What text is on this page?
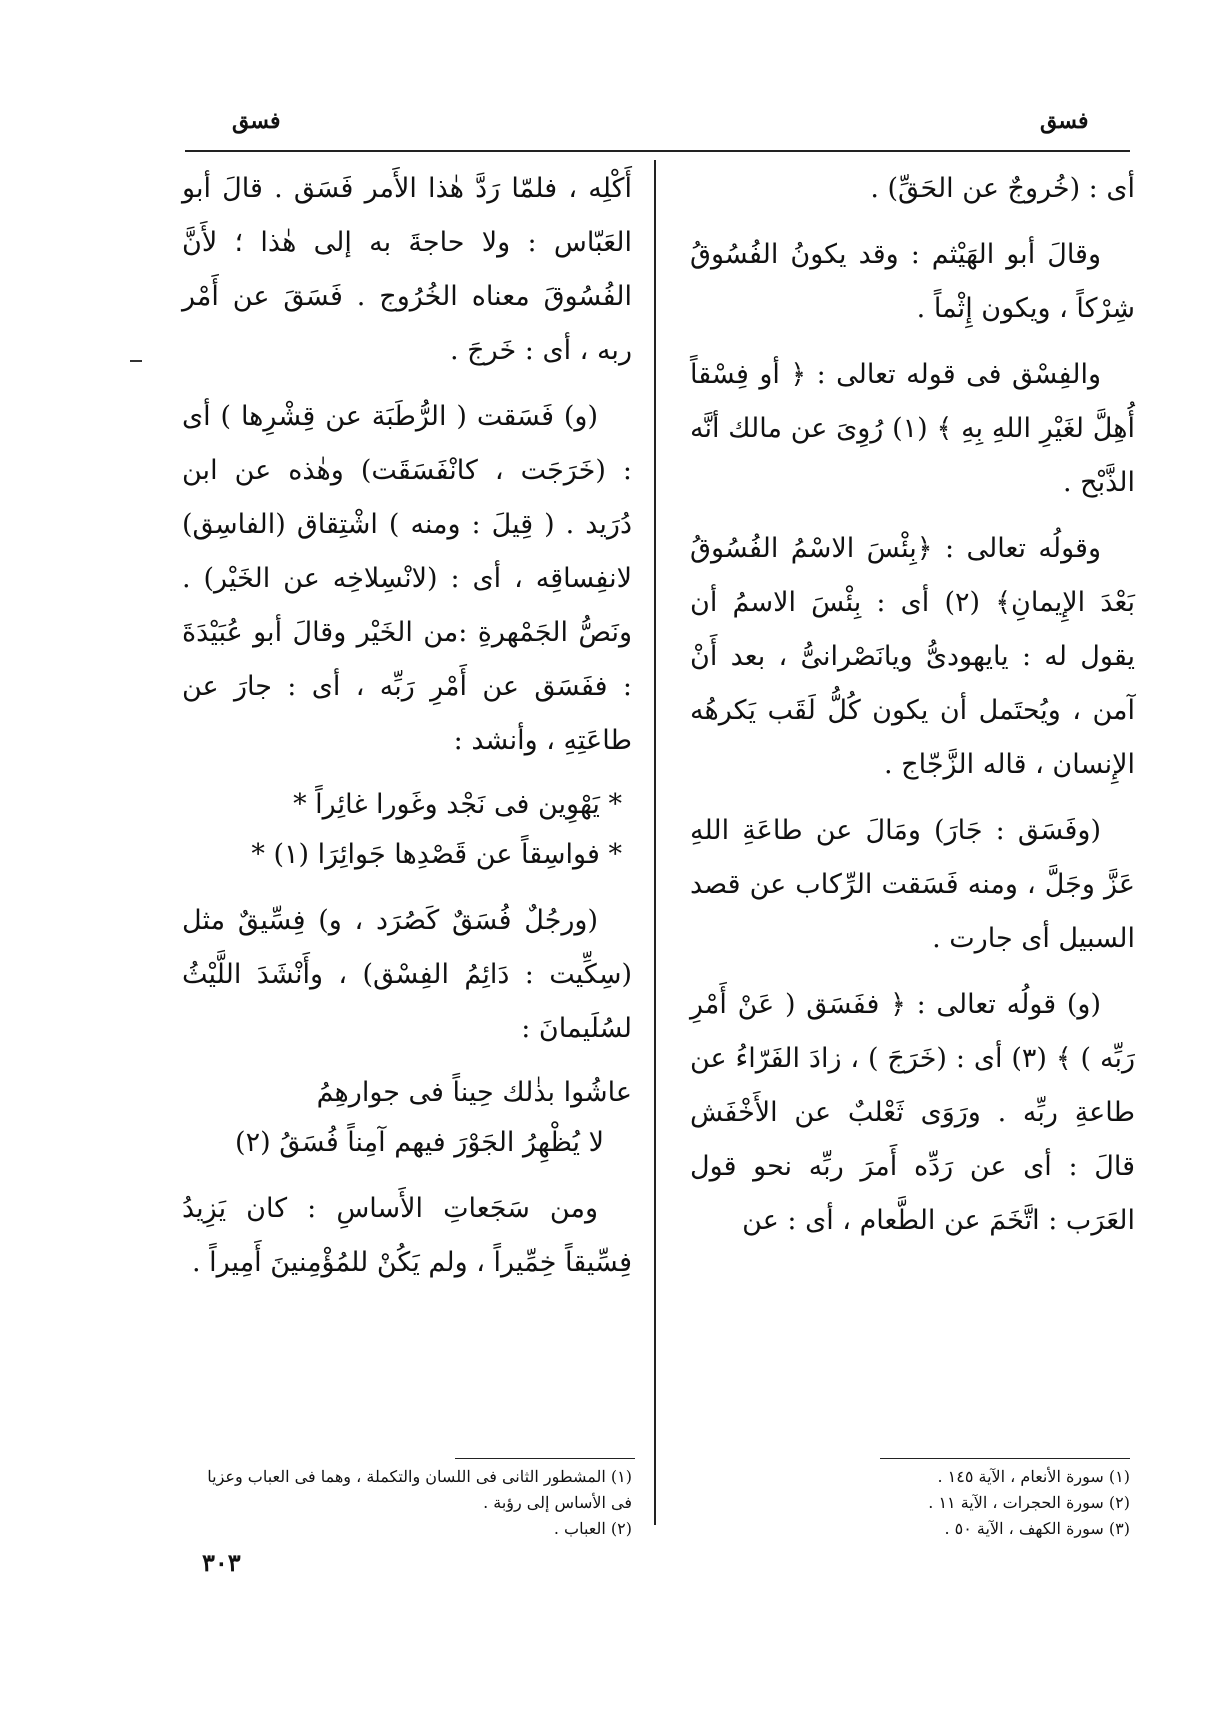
فسق	فسق

أى : (خُروجٌ عن الحَقِّ) .

وقالَ أبو الهَيْثم : وقد يكونُ الفُسُوقُ شِرْكاً ، ويكون إِثْماً .

والفِسْق فى قوله تعالى : ﴿ أو فِسْقاً أُهِلَّ لغَيْرِ اللهِ بِهِ ﴾ (١) رُوِىَ عن مالك أنَّه الذَّبْح .

وقولُه تعالى : ﴿بِئْسَ الاسْمُ الفُسُوقُ بَعْدَ الإِيمانِ﴾ (٢) أى : بِئْسَ الاسمُ أن يقول له : يايهودىُّ ويانَصْرانىُّ ، بعد أَنْ آمن ، ويُحتَمل أن يكون كُلُّ لَقَب يَكرهُه الإِنسان ، قاله الزَّجّاج .

(وفَسَق : جَارَ) ومَالَ عن طاعَةِ اللهِ عَزَّ وجَلَّ ، ومنه فَسَقت الرِّكاب عن قصد السبيل أى جارت .

(و) قولُه تعالى : ﴿ ففَسَق ( عَنْ أَمْرِ رَبِّه ) ﴾ (٣) أى : (خَرَجَ ) ، زادَ الفَرّاءُ عن طاعةِ ربِّه . ورَوَى ثَعْلبٌ عن الأَخْفَش قالَ : أى عن رَدِّه أَمرَ ربِّه نحو قول العَرَب : اتَّخَمَ عن الطَّعام ، أى : عن

أَكْلِه ، فلمّا رَدَّ هٰذا الأَمر فَسَق . قالَ أبو العَبّاس : ولا حاجةَ به إلى هٰذا ؛ لأَنَّ الفُسُوقَ معناه الخُرُوج . فَسَقَ عن أَمْر ربه ، أى : خَرجَ .

(و) فَسَقت ( الرُّطَبَة عن قِشْرِها ) أى : (خَرَجَت ، كانْفَسَقَت) وهٰذه عن ابن دُرَيد . ( قِيلَ : ومنه ) اشْتِقاق (الفاسِق) لانفِساقِه ، أى : (لانْسِلاخِه عن الخَيْر) . ونَصُّ الجَمْهرةِ :من الخَيْر وقالَ أبو عُبَيْدَةَ : ففَسَق عن أَمْرِ رَبِّه ، أى : جارَ عن طاعَتِهِ ، وأنشد :

* يَهْوِين فى نَجْد وغَورا غائِراً *

* فواسِقاً عن قَصْدِها جَوائِرَا (١) *

(ورجُلٌ فُسَقٌ كَصُرَد ، و) فِسِّيقٌ مثل (سِكِّيت : دَائِمُ الفِسْق) ، وأَنْشَدَ اللَّيْثُ لسُلَيمانَ :

عاشُوا بذٰلك حِيناً فى جوارهِمُ

لا يُظْهِرُ الجَوْرَ فيهم آمِناً فُسَقُ (٢)

ومن سَجَعاتِ الأَساسِ : كان يَزِيدُ فِسِّيقاً خِمِّيراً ، ولم يَكُنْ للمُؤْمِنينَ أَمِيراً .

(١) سورة الأنعام ، الآية ١٤٥ .

(٢) سورة الحجرات ، الآية ١١ .

(٣) سورة الكهف ، الآية ٥٠ .

(١) المشطور الثانى فى اللسان والتكملة ، وهما فى العباب وعزيا فى الأساس إلى رؤبة .

(٢) العباب .

٣٠٣
